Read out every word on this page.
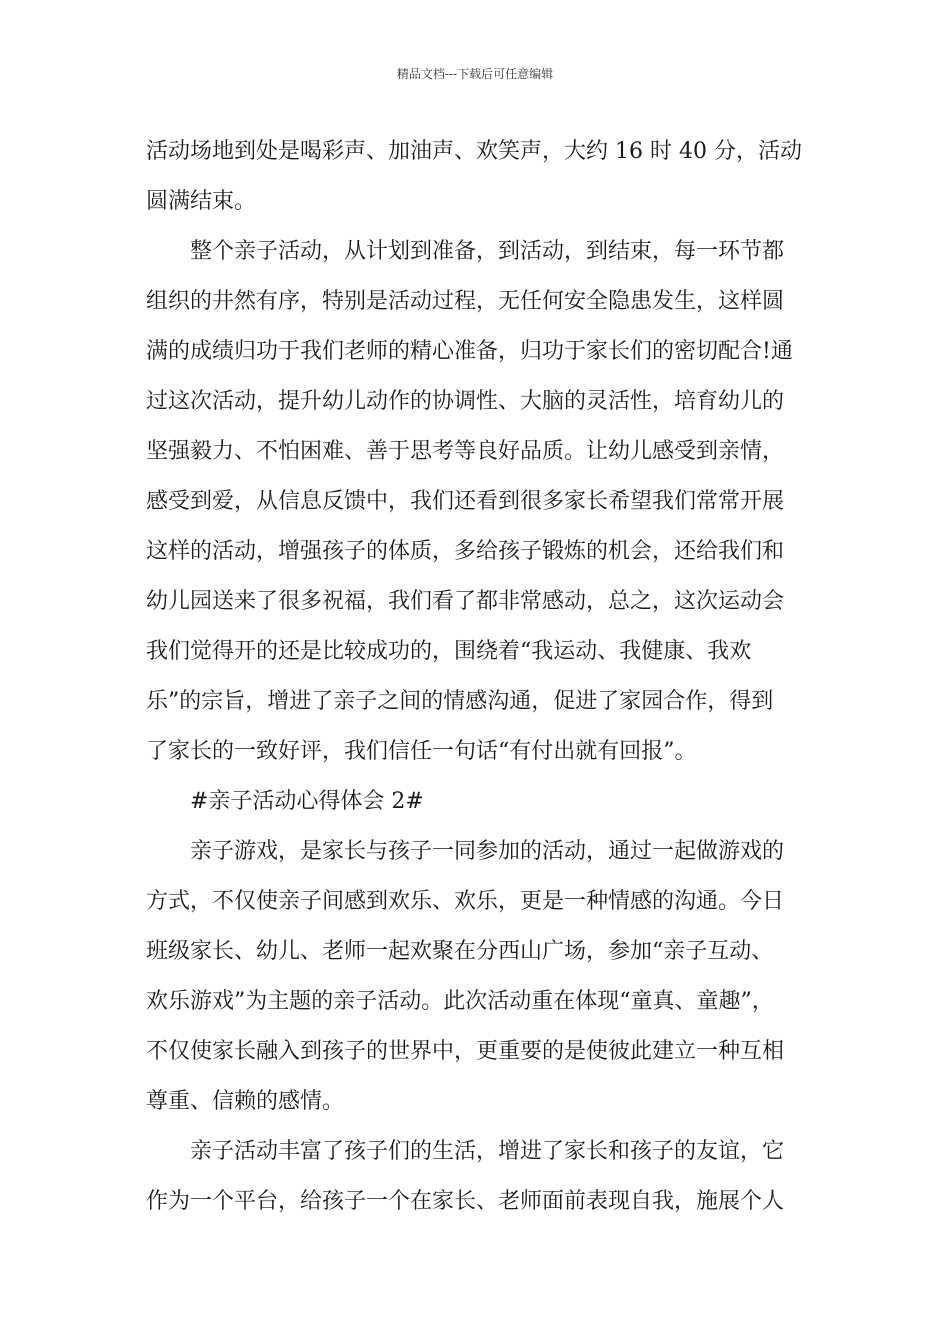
精品文档---下载后可任意编辑
活动场地到处是喝彩声、加油声、欢笑声，大约 16 时 40 分，活动
圆满结束。
整个亲子活动，从计划到准备，到活动，到结束，每一环节都
组织的井然有序，特别是活动过程，无任何安全隐患发生，这样圆
满的成绩归功于我们老师的精心准备，归功于家长们的密切配合!通
过这次活动，提升幼儿动作的协调性、大脑的灵活性，培育幼儿的
坚强毅力、不怕困难、善于思考等良好品质。让幼儿感受到亲情，
感受到爱，从信息反馈中，我们还看到很多家长希望我们常常开展
这样的活动，增强孩子的体质，多给孩子锻炼的机会，还给我们和
幼儿园送来了很多祝福，我们看了都非常感动，总之，这次运动会
我们觉得开的还是比较成功的，围绕着“我运动、我健康、我欢
乐”的宗旨，增进了亲子之间的情感沟通，促进了家园合作，得到
了家长的一致好评，我们信任一句话“有付出就有回报”。
#亲子活动心得体会 2#
亲子游戏，是家长与孩子一同参加的活动，通过一起做游戏的
方式，不仅使亲子间感到欢乐、欢乐，更是一种情感的沟通。今日
班级家长、幼儿、老师一起欢聚在分西山广场，参加“亲子互动、
欢乐游戏”为主题的亲子活动。此次活动重在体现“童真、童趣”，
不仅使家长融入到孩子的世界中，更重要的是使彼此建立一种互相
尊重、信赖的感情。
亲子活动丰富了孩子们的生活，增进了家长和孩子的友谊，它
作为一个平台，给孩子一个在家长、老师面前表现自我，施展个人
